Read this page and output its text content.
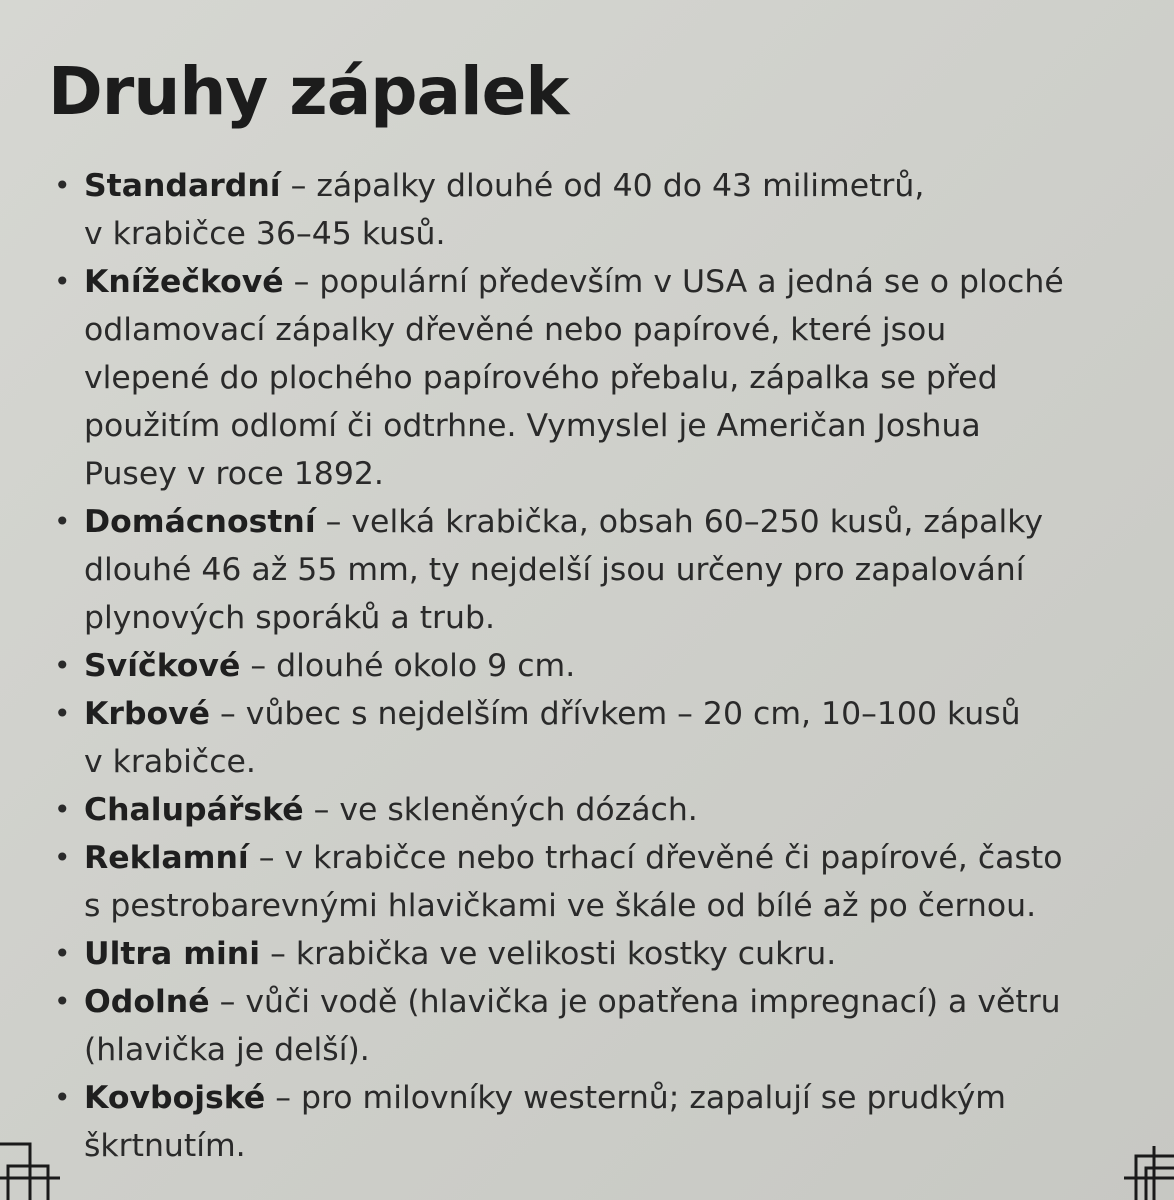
Druhy zápalek
• Standardní – zápalky dlouhé od 40 do 43 milimetrů,
v krabičce 36–45 kusů.
• Knížečkové – populární především v USA a jedná se o ploché
odlamovací zápalky dřevěné nebo papírové, které jsou
vlepené do plochého papírového přebalu, zápalka se před
použitím odlomí či odtrhne. Vymyslel je Američan Joshua
Pusey v roce 1892.
• Domácnostní – velká krabička, obsah 60–250 kusů, zápalky
dlouhé 46 až 55 mm, ty nejdelší jsou určeny pro zapalování
plynových sporáků a trub.
• Svíčkové – dlouhé okolo 9 cm.
• Krbové – vůbec s nejdelším dřívkem – 20 cm, 10–100 kusů
v krabičce.
• Chalupářské – ve skleněných dózách.
• Reklamní – v krabičce nebo trhací dřevěné či papírové, často
s pestrobarevnými hlavičkami ve škále od bílé až po černou.
• Ultra mini – krabička ve velikosti kostky cukru.
• Odolné – vůči vodě (hlavička je opatřena impregnací) a větru
(hlavička je delší).
• Kovbojské – pro milovníky westernů; zapalují se prudkým
škrtnutím.
